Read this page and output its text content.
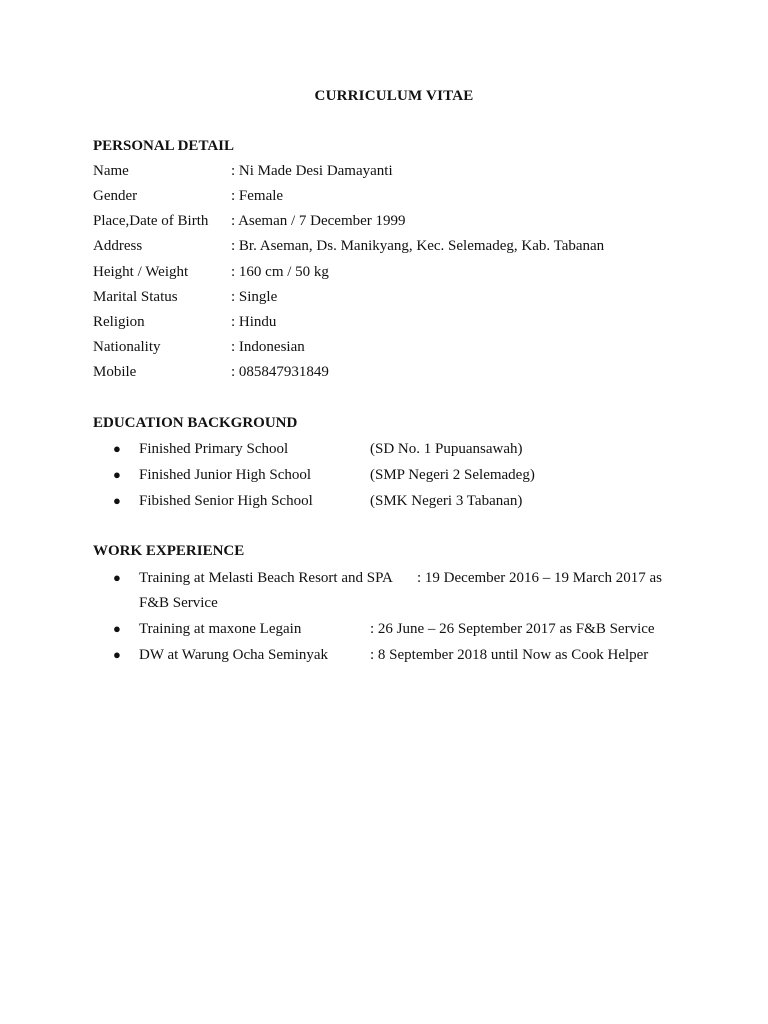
CURRICULUM VITAE
PERSONAL DETAIL
Name	: Ni Made Desi Damayanti
Gender	: Female
Place,Date of Birth : Aseman / 7 December 1999
Address	: Br. Aseman, Ds. Manikyang, Kec. Selemadeg, Kab. Tabanan
Height / Weight	: 160 cm / 50 kg
Marital Status	: Single
Religion	: Hindu
Nationality	: Indonesian
Mobile	: 085847931849
EDUCATION BACKGROUND
● Finished Primary School	(SD No. 1 Pupuansawah)
● Finished Junior High School	(SMP Negeri 2 Selemadeg)
● Fibished Senior High School	(SMK Negeri 3 Tabanan)
WORK EXPERIENCE
● Training at Melasti Beach Resort and SPA : 19 December 2016 – 19 March 2017 as
F&B Service
● Training at maxone Legain	: 26 June – 26 September 2017 as F&B Service
● DW at Warung Ocha Seminyak	: 8 September 2018 until Now as Cook Helper
